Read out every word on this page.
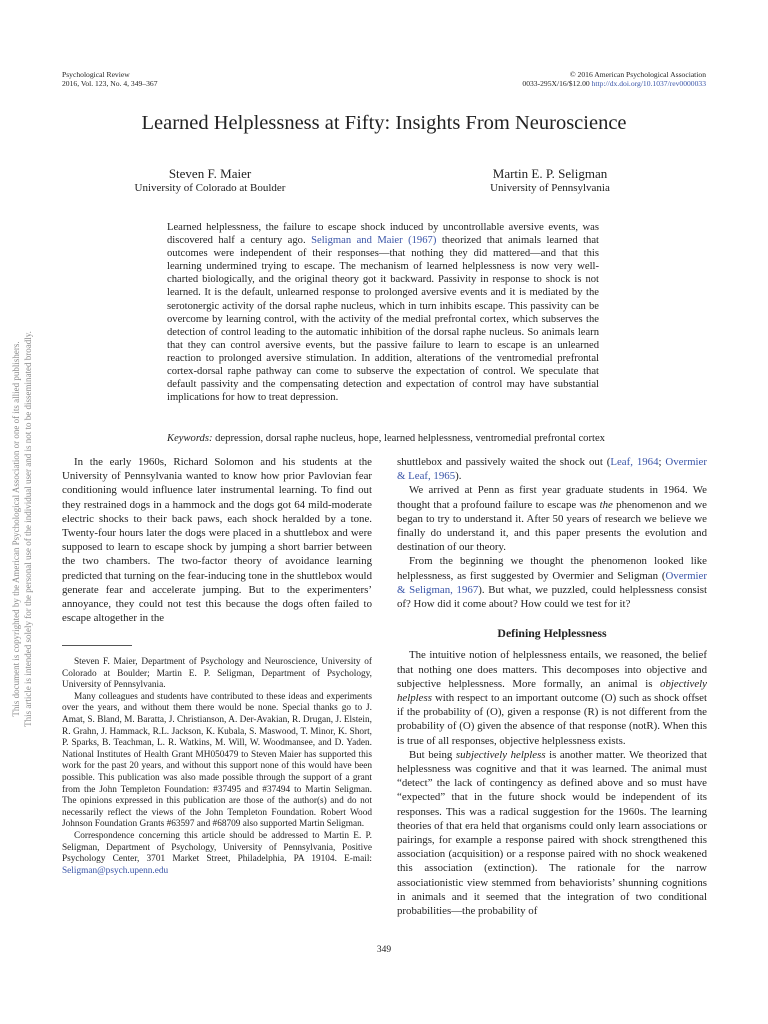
Psychological Review
2016, Vol. 123, No. 4, 349–367
© 2016 American Psychological Association
0033-295X/16/$12.00 http://dx.doi.org/10.1037/rev0000033
Learned Helplessness at Fifty: Insights From Neuroscience
Steven F. Maier
University of Colorado at Boulder
Martin E. P. Seligman
University of Pennsylvania

Learned helplessness, the failure to escape shock induced by uncontrollable aversive events, was discovered half a century ago. Seligman and Maier (1967) theorized that animals learned that outcomes were independent of their responses—that nothing they did mattered—and that this learning undermined trying to escape. The mechanism of learned helplessness is now very well-charted biologically, and the original theory got it backward. Passivity in response to shock is not learned. It is the default, unlearned response to prolonged aversive events and it is mediated by the serotonergic activity of the dorsal raphe nucleus, which in turn inhibits escape. This passivity can be overcome by learning control, with the activity of the medial prefrontal cortex, which subserves the detection of control leading to the automatic inhibition of the dorsal raphe nucleus. So animals learn that they can control aversive events, but the passive failure to learn to escape is an unlearned reaction to prolonged aversive stimulation. In addition, alterations of the ventromedial prefrontal cortex-dorsal raphe pathway can come to subserve the expectation of control. We speculate that default passivity and the compensating detection and expectation of control may have substantial implications for how to treat depression.

Keywords: depression, dorsal raphe nucleus, hope, learned helplessness, ventromedial prefrontal cortex

In the early 1960s, Richard Solomon and his students at the University of Pennsylvania wanted to know how prior Pavlovian fear conditioning would influence later instrumental learning. To find out they restrained dogs in a hammock and the dogs got 64 mild-moderate electric shocks to their back paws, each shock heralded by a tone. Twenty-four hours later the dogs were placed in a shuttlebox and were supposed to learn to escape shock by jumping a short barrier between the two chambers. The two-factor theory of avoidance learning predicted that turning on the fear-inducing tone in the shuttlebox would generate fear and accelerate jumping. But to the experimenters’ annoyance, they could not test this because the dogs often failed to escape altogether in the

Steven F. Maier, Department of Psychology and Neuroscience, University of Colorado at Boulder; Martin E. P. Seligman, Department of Psychology, University of Pennsylvania.

Many colleagues and students have contributed to these ideas and experiments over the years, and without them there would be none. Special thanks go to J. Amat, S. Bland, M. Baratta, J. Christianson, A. Der-Avakian, R. Drugan, J. Elstein, R. Grahn, J. Hammack, R.L. Jackson, K. Kubala, S. Maswood, T. Minor, K. Short, P. Sparks, B. Teachman, L. R. Watkins, M. Will, W. Woodmansee, and D. Yaden. National Institutes of Health Grant MH050479 to Steven Maier has supported this work for the past 20 years, and without this support none of this would have been possible. This publication was also made possible through the support of a grant from the John Templeton Foundation: #37495 and #37494 to Martin Seligman. The opinions expressed in this publication are those of the author(s) and do not necessarily reflect the views of the John Templeton Foundation. Robert Wood Johnson Foundation Grants #63597 and #68709 also supported Martin Seligman.

Correspondence concerning this article should be addressed to Martin E. P. Seligman, Department of Psychology, University of Pennsylvania, Positive Psychology Center, 3701 Market Street, Philadelphia, PA 19104. E-mail: Seligman@psych.upenn.edu

shuttlebox and passively waited the shock out (Leaf, 1964; Overmier & Leaf, 1965).

We arrived at Penn as first year graduate students in 1964. We thought that a profound failure to escape was the phenomenon and we began to try to understand it. After 50 years of research we believe we finally do understand it, and this paper presents the evolution and destination of our theory.

From the beginning we thought the phenomenon looked like helplessness, as first suggested by Overmier and Seligman (Overmier & Seligman, 1967). But what, we puzzled, could helplessness consist of? How did it come about? How could we test for it?

Defining Helplessness

The intuitive notion of helplessness entails, we reasoned, the belief that nothing one does matters. This decomposes into objective and subjective helplessness. More formally, an animal is objectively helpless with respect to an important outcome (O) such as shock offset if the probability of (O), given a response (R) is not different from the probability of (O) given the absence of that response (notR). When this is true of all responses, objective helplessness exists.

But being subjectively helpless is another matter. We theorized that helplessness was cognitive and that it was learned. The animal must “detect” the lack of contingency as defined above and so must have “expected” that in the future shock would be independent of its responses. This was a radical suggestion for the 1960s. The learning theories of that era held that organisms could only learn associations or pairings, for example a response paired with shock strengthened this association (acquisition) or a response paired with no shock weakened this association (extinction). The rationale for the narrow associationistic view stemmed from behaviorists’ shunning cognitions in animals and it seemed that the integration of two conditional probabilities—the probability of

349
This document is copyrighted by the American Psychological Association or one of its allied publishers. This article is intended solely for the personal use of the individual user and is not to be disseminated broadly.
